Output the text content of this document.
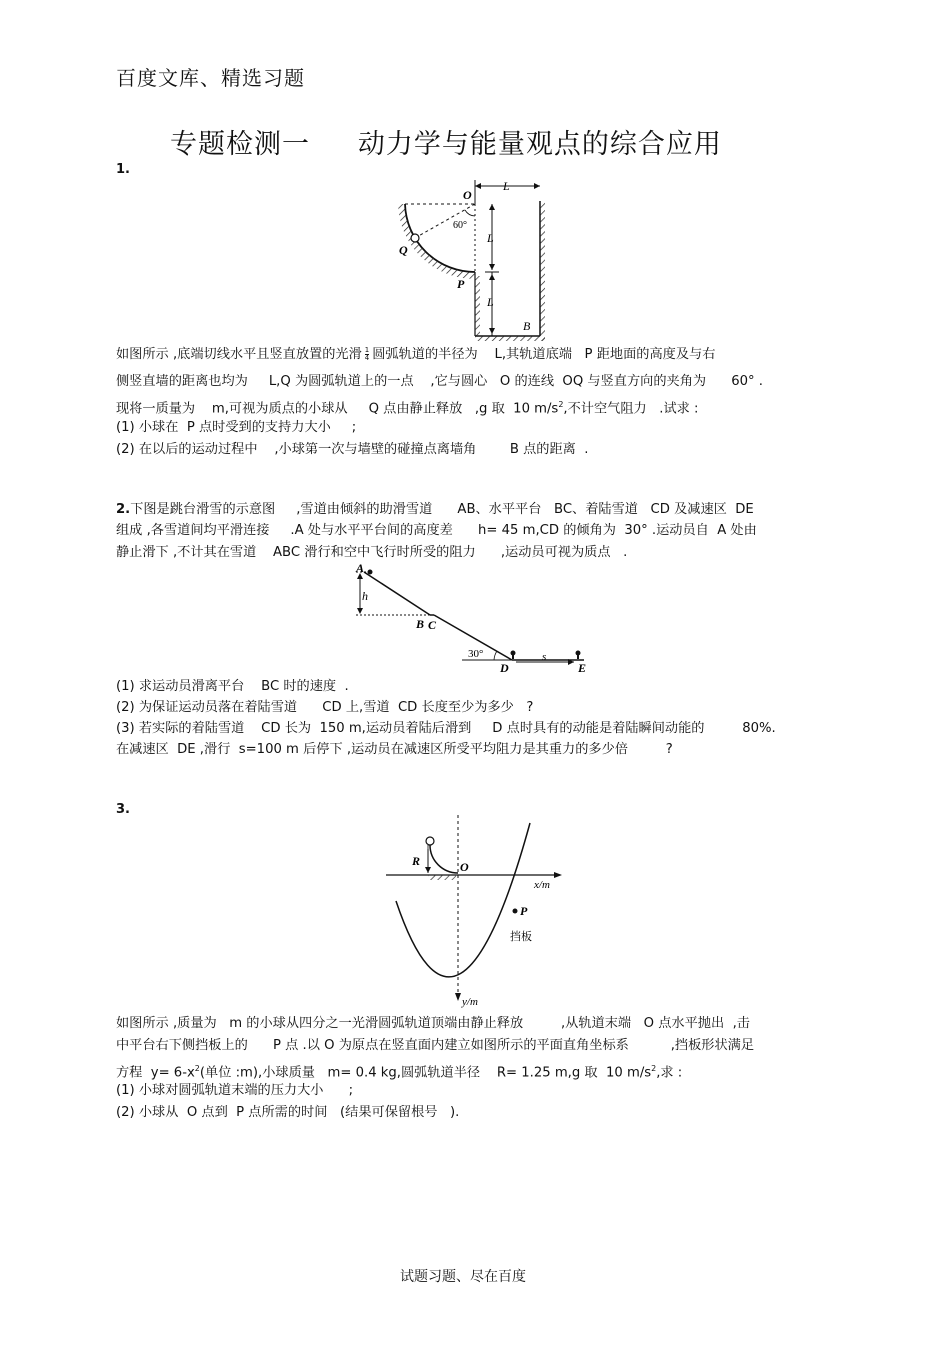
百度文库、精选习题
专题检测一     动力学与能量观点的综合应用
1.
O
L
60°
L
L
Q
P
B
如图所示 ,底端切线水平且竖直放置的光滑 $\frac{1}{4}$ 圆弧轨道的半径为    L,其轨道底端   P 距地面的高度及与右
侧竖直墙的距离也均为     L,Q 为圆弧轨道上的一点    ,它与圆心   O 的连线  OQ 与竖直方向的夹角为      60° .
现将一质量为    m,可视为质点的小球从     Q 点由静止释放   ,g 取  10 $m/s^2$,不计空气阻力   .试求 :
(1) 小球在  P 点时受到的支持力大小     ;
(2) 在以后的运动过程中    ,小球第一次与墙壁的碰撞点离墙角        B 点的距离  .
2.下图是跳台滑雪的示意图     ,雪道由倾斜的助滑雪道      AB、水平平台   BC、着陆雪道   CD 及减速区  DE
组成 ,各雪道间均平滑连接     .A 处与水平平台间的高度差      h= 45 m,CD 的倾角为  30° .运动员自  A 处由
静止滑下 ,不计其在雪道    ABC 滑行和空中飞行时所受的阻力      ,运动员可视为质点   .
A
h
B C
30°
D
s
E
(1) 求运动员滑离平台    BC 时的速度  .
(2) 为保证运动员落在着陆雪道      CD 上,雪道  CD 长度至少为多少   ?
(3) 若实际的着陆雪道    CD 长为  150 m,运动员着陆后滑到     D 点时具有的动能是着陆瞬间动能的         80%.
在减速区  DE ,滑行  s=100 m 后停下 ,运动员在减速区所受平均阻力是其重力的多少倍         ?
3.
R	O
x/m
P
挡板
y/m
如图所示 ,质量为   m 的小球从四分之一光滑圆弧轨道顶端由静止释放         ,从轨道末端   O 点水平抛出  ,击
中平台右下侧挡板上的      P 点 .以 O 为原点在竖直面内建立如图所示的平面直角坐标系          ,挡板形状满足
方程  $y= 6-x^2$(单位 :m),小球质量   m= 0.4 kg,圆弧轨道半径    R= 1.25 m,g 取  10 $m/s^2$,求 :
(1) 小球对圆弧轨道末端的压力大小      ;
(2) 小球从  O 点到  P 点所需的时间   (结果可保留根号   ).
试题习题、尽在百度
